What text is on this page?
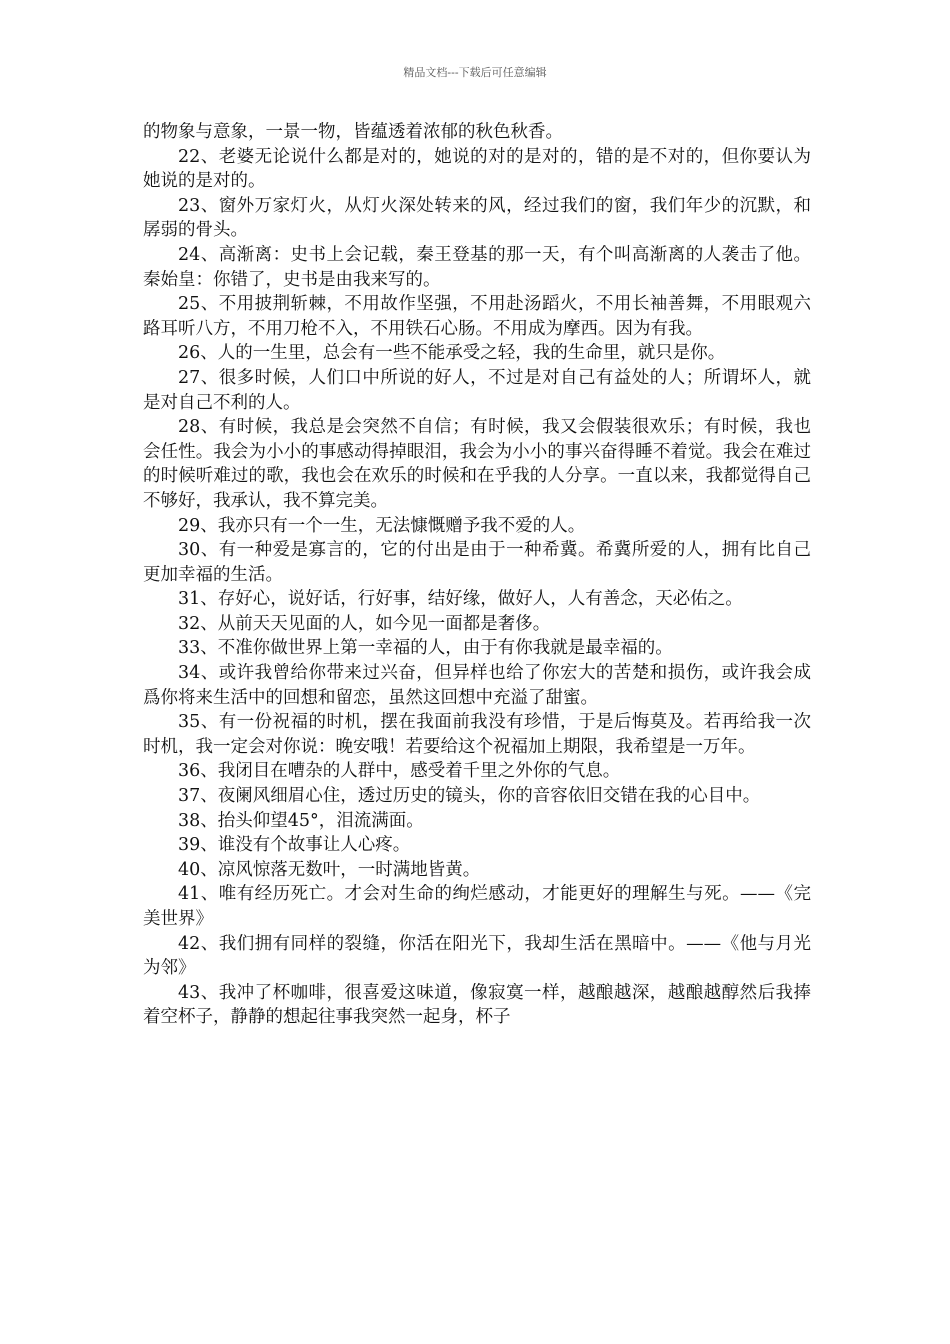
精品文档---下载后可任意编辑

的物象与意象，一景一物，皆蕴透着浓郁的秋色秋香。

22、老婆无论说什么都是对的，她说的对的是对的，错的是不对的，但你要认为她说的是对的。

23、窗外万家灯火，从灯火深处转来的风，经过我们的窗，我们年少的沉默，和孱弱的骨头。

24、高渐离：史书上会记载，秦王登基的那一天，有个叫高渐离的人袭击了他。秦始皇：你错了，史书是由我来写的。

25、不用披荆斩棘，不用故作坚强，不用赴汤蹈火，不用长袖善舞，不用眼观六路耳听八方，不用刀枪不入，不用铁石心肠。不用成为摩西。因为有我。

26、人的一生里，总会有一些不能承受之轻，我的生命里，就只是你。

27、很多时候，人们口中所说的好人，不过是对自己有益处的人；所谓坏人，就是对自己不利的人。

28、有时候，我总是会突然不自信；有时候，我又会假装很欢乐；有时候，我也会任性。我会为小小的事感动得掉眼泪，我会为小小的事兴奋得睡不着觉。我会在难过的时候听难过的歌，我也会在欢乐的时候和在乎我的人分享。一直以来，我都觉得自己不够好，我承认，我不算完美。

29、我亦只有一个一生，无法慷慨赠予我不爱的人。

30、有一种爱是寡言的，它的付出是由于一种希冀。希冀所爱的人，拥有比自己更加幸福的生活。

31、存好心，说好话，行好事，结好缘，做好人，人有善念，天必佑之。

32、从前天天见面的人，如今见一面都是奢侈。

33、不准你做世界上第一幸福的人，由于有你我就是最幸福的。

34、或许我曾给你带来过兴奋，但异样也给了你宏大的苦楚和损伤，或许我会成爲你将来生活中的回想和留恋，虽然这回想中充溢了甜蜜。

35、有一份祝福的时机，摆在我面前我没有珍惜，于是后悔莫及。若再给我一次时机，我一定会对你说：晚安哦！若要给这个祝福加上期限，我希望是一万年。

36、我闭目在嘈杂的人群中，感受着千里之外你的气息。

37、夜阑风细眉心住，透过历史的镜头，你的音容依旧交错在我的心目中。

38、抬头仰望45°，泪流满面。

39、谁没有个故事让人心疼。

40、凉风惊落无数叶，一时满地皆黄。

41、唯有经历死亡。才会对生命的绚烂感动，才能更好的理解生与死。——《完美世界》

42、我们拥有同样的裂缝，你活在阳光下，我却生活在黑暗中。——《他与月光为邻》

43、我冲了杯咖啡，很喜爱这味道，像寂寞一样，越酿越深，越酿越醇然后我捧着空杯子，静静的想起往事我突然一起身，杯子
